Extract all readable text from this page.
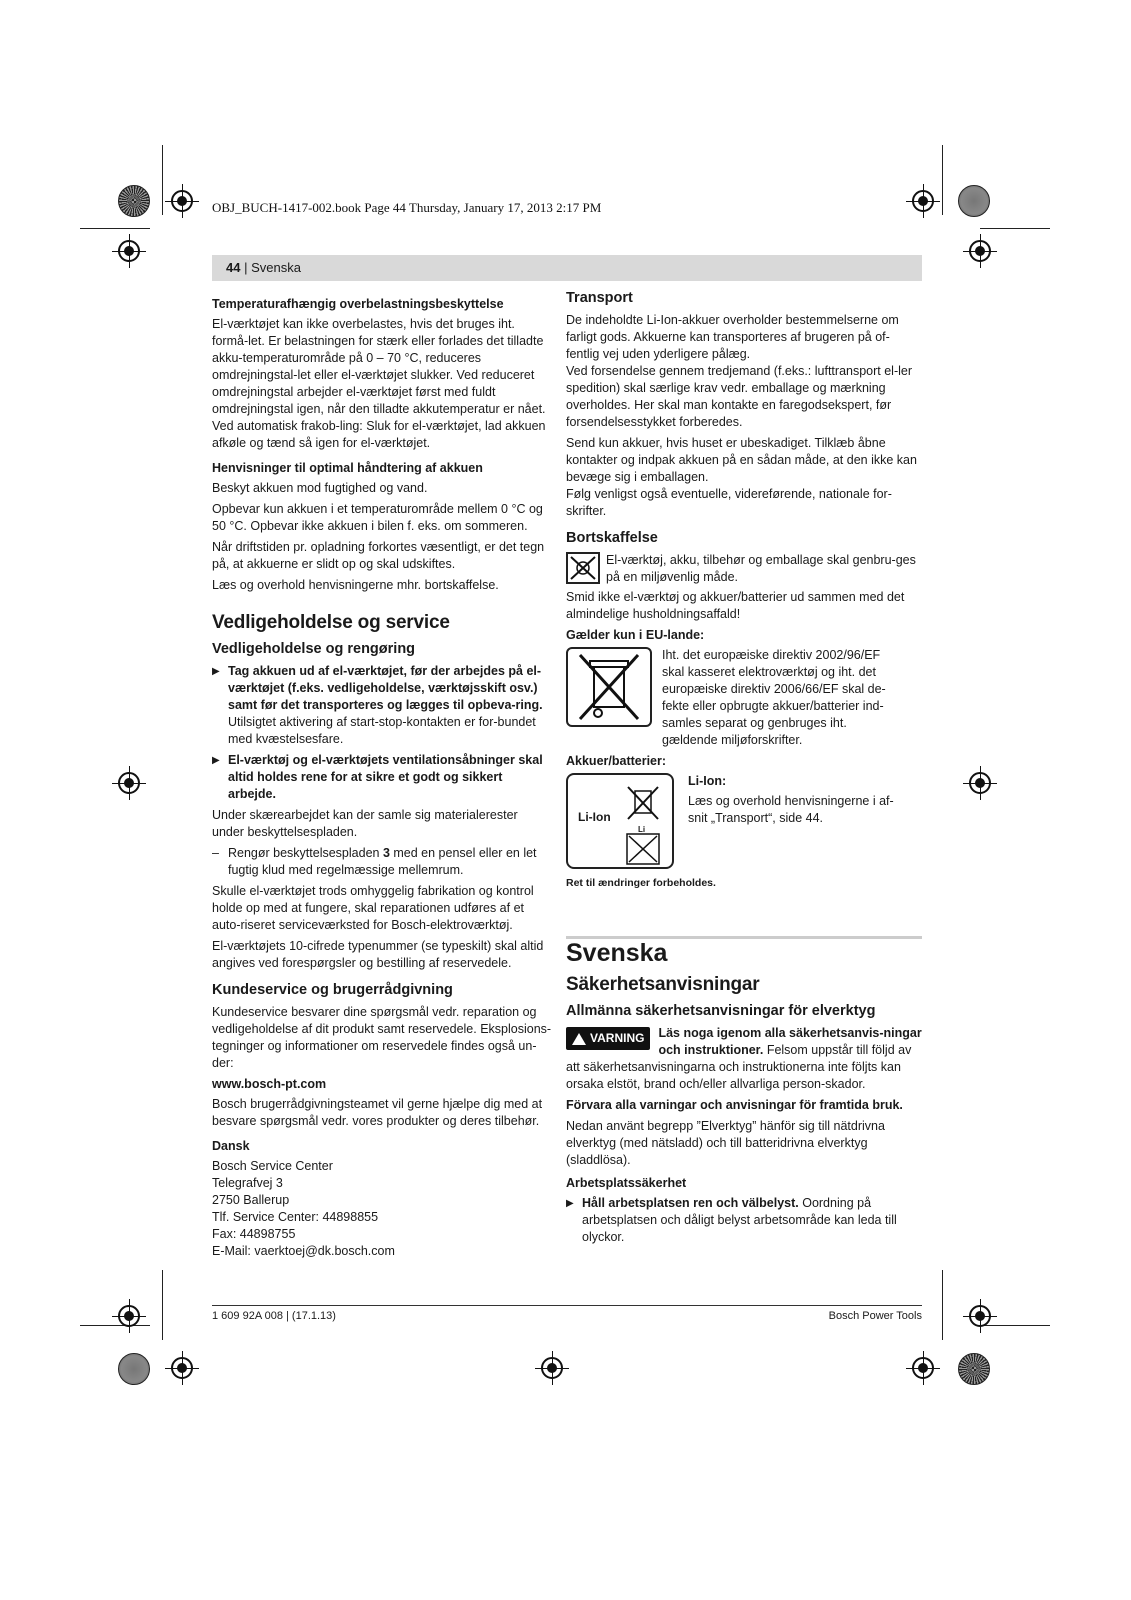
OBJ_BUCH-1417-002.book Page 44 Thursday, January 17, 2013 2:17 PM
44 | Svenska
Temperaturafhængig overbelastningsbeskyttelse

El-værktøjet kan ikke overbelastes, hvis det bruges iht. formå-let. Er belastningen for stærk eller forlades det tilladte akku-temperaturområde på 0 – 70 °C, reduceres omdrejningstal-let eller el-værktøjet slukker. Ved reduceret omdrejningstal arbejder el-værktøjet først med fuldt omdrejningstal igen, når den tilladte akkutemperatur er nået. Ved automatisk frakob-ling: Sluk for el-værktøjet, lad akkuen afkøle og tænd så igen for el-værktøjet.

Henvisninger til optimal håndtering af akkuen

Beskyt akkuen mod fugtighed og vand.

Opbevar kun akkuen i et temperaturområde mellem 0 °C og 50 °C. Opbevar ikke akkuen i bilen f. eks. om sommeren.

Når driftstiden pr. opladning forkortes væsentligt, er det tegn på, at akkuerne er slidt op og skal udskiftes.

Læs og overhold henvisningerne mhr. bortskaffelse.

Vedligeholdelse og service
Vedligeholdelse og rengøring
▶ Tag akkuen ud af el-værktøjet, før der arbejdes på el-værktøjet (f.eks. vedligeholdelse, værktøjsskift osv.) samt før det transporteres og lægges til opbeva-ring. Utilsigtet aktivering af start-stop-kontakten er for-bundet med kvæstelsesfare.
▶ El-værktøj og el-værktøjets ventilationsåbninger skal altid holdes rene for at sikre et godt og sikkert arbejde.

Under skærearbejdet kan der samle sig materialerester under beskyttelsespladen.

– Rengør beskyttelsespladen 3 med en pensel eller en let fugtig klud med regelmæssige mellemrum.

Skulle el-værktøjet trods omhyggelig fabrikation og kontrol holde op med at fungere, skal reparationen udføres af et auto-riseret serviceværksted for Bosch-elektroværktøj.

El-værktøjets 10-cifrede typenummer (se typeskilt) skal altid angives ved forespørgsler og bestilling af reservedele.

Kundeservice og brugerrådgivning

Kundeservice besvarer dine spørgsmål vedr. reparation og vedligeholdelse af dit produkt samt reservedele. Eksplosions-tegninger og informationer om reservedele findes også un-der:

www.bosch-pt.com

Bosch brugerrådgivningsteamet vil gerne hjælpe dig med at besvare spørgsmål vedr. vores produkter og deres tilbehør.

Dansk
Bosch Service Center
Telegrafvej 3
2750 Ballerup
Tlf. Service Center: 44898855
Fax: 44898755
E-Mail: vaerktoej@dk.bosch.com
Transport

De indeholdte Li-Ion-akkuer overholder bestemmelserne om farligt gods. Akkuerne kan transporteres af brugeren på of-fentlig vej uden yderligere pålæg.

Ved forsendelse gennem tredjemand (f.eks.: lufttransport el-ler spedition) skal særlige krav vedr. emballage og mærkning overholdes. Her skal man kontakte en faregodsekspert, før forsendelsesstykket forberedes.

Send kun akkuer, hvis huset er ubeskadiget. Tilklæb åbne kontakter og indpak akkuen på en sådan måde, at den ikke kan bevæge sig i emballagen.

Følg venligst også eventuelle, videreførende, nationale for-skrifter.

Bortskaffelse

El-værktøj, akku, tilbehør og emballage skal genbru-ges på en miljøvenlig måde.

Smid ikke el-værktøj og akkuer/batterier ud sammen med det almindelige husholdningsaffald!

Gælder kun i EU-lande:

Iht. det europæiske direktiv 2002/96/EF skal kasseret elektroværktøj og iht. det europæiske direktiv 2006/66/EF skal de-fekte eller opbrugte akkuer/batterier ind-samles separat og genbruges iht. gældende miljøforskrifter.

Akkuer/batterier:
Li-Ion
Li
Li-Ion:

Læs og overhold henvisningerne i af-snit „Transport“, side 44.

Ret til ændringer forbeholdes.
Svenska
Säkerhetsanvisningar
Allmänna säkerhetsanvisningar för elverktyg
VARNING Läs noga igenom alla säkerhetsanvis-ningar och instruktioner. Felsom uppstår till följd av att säkerhetsanvisningarna och instruktionerna inte följts kan orsaka elstöt, brand och/eller allvarliga person-skador.

Förvara alla varningar och anvisningar för framtida bruk.

Nedan använt begrepp ”Elverktyg” hänför sig till nätdrivna elverktyg (med nätsladd) och till batteridrivna elverktyg (sladdlösa).

Arbetsplatssäkerhet
▶ Håll arbetsplatsen ren och välbelyst. Oordning på arbetsplatsen och dåligt belyst arbetsområde kan leda till olyckor.
1 609 92A 008 | (17.1.13)	Bosch Power Tools
